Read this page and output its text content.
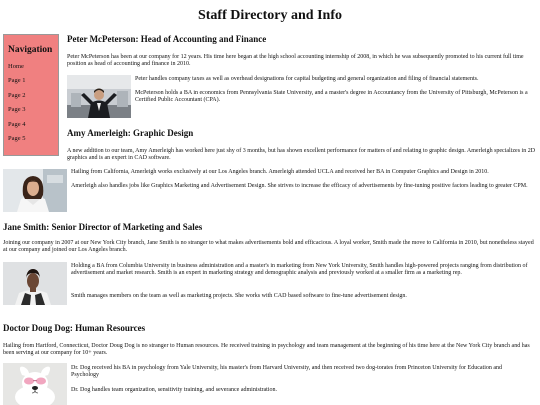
Staff Directory and Info
Navigation
Home
Page 1
Page 2
Page 3
Page 4
Page 5
Peter McPeterson: Head of Accounting and Finance

Peter McPeterson has been at our company for 12 years. His time here began at the high school accounting internship of 2008, in which he was subsequently promoted to his current full time position as head of accounting and finance in 2010.

Peter handles company taxes as well as overhead designations for capital budgeting and general organization and filing of financial statements.

McPeterson holds a BA in economics from Pennsylvania State University, and a master's degree in Accountancy from the University of Pittsburgh, McPeterson is a Certified Public Accountant (CPA).

Amy Amerleigh: Graphic Design

A new addition to our team, Amy Amerleigh has worked here just shy of 3 months, but has shown excellent performance for matters of and relating to graphic design. Amerleigh specializes in 2D graphics and is an expert in CAD software.

Hailing from California, Amerleigh works exclusively at our Los Angeles branch. Amerleigh attended UCLA and received her BA in Computer Graphics and Design in 2010.

Amerleigh also handles jobs like Graphics Marketing and Advertisement Design. She strives to increase the efficacy of advertisements by fine-tuning positive factors leading to greater CPM.

Jane Smith: Senior Director of Marketing and Sales

Joining our company in 2007 at our New York City branch, Jane Smith is no stranger to what makes advertisements bold and efficacious. A loyal worker, Smith made the move to California in 2010, but nonetheless stayed at our company and joined our Los Angeles branch.

Holding a BA from Columbia University in business administration and a master's in marketing from New York University, Smith handles high-powered projects ranging from distribution of advertisement and market research. Smith is an expert in marketing strategy and demographic analysis and previously worked at a smaller firm as a marketing rep.

Smith manages members on the team as well as marketing projects. She works with CAD based software to fine-tune advertisement design.

Doctor Doug Dog: Human Resources

Hailing from Hartford, Connecticut, Doctor Doug Dog is no stranger to Human resources. He received training in psychology and team management at the beginning of his time here at the New York City branch and has been serving at our company for 10+ years.

Dr. Dog received his BA in psychology from Yale University, his master's from Harvard University, and then received two dog-torates from Princeton University for Education and Psychology

Dr. Dog handles team organization, sensitivity training, and severance administration.
